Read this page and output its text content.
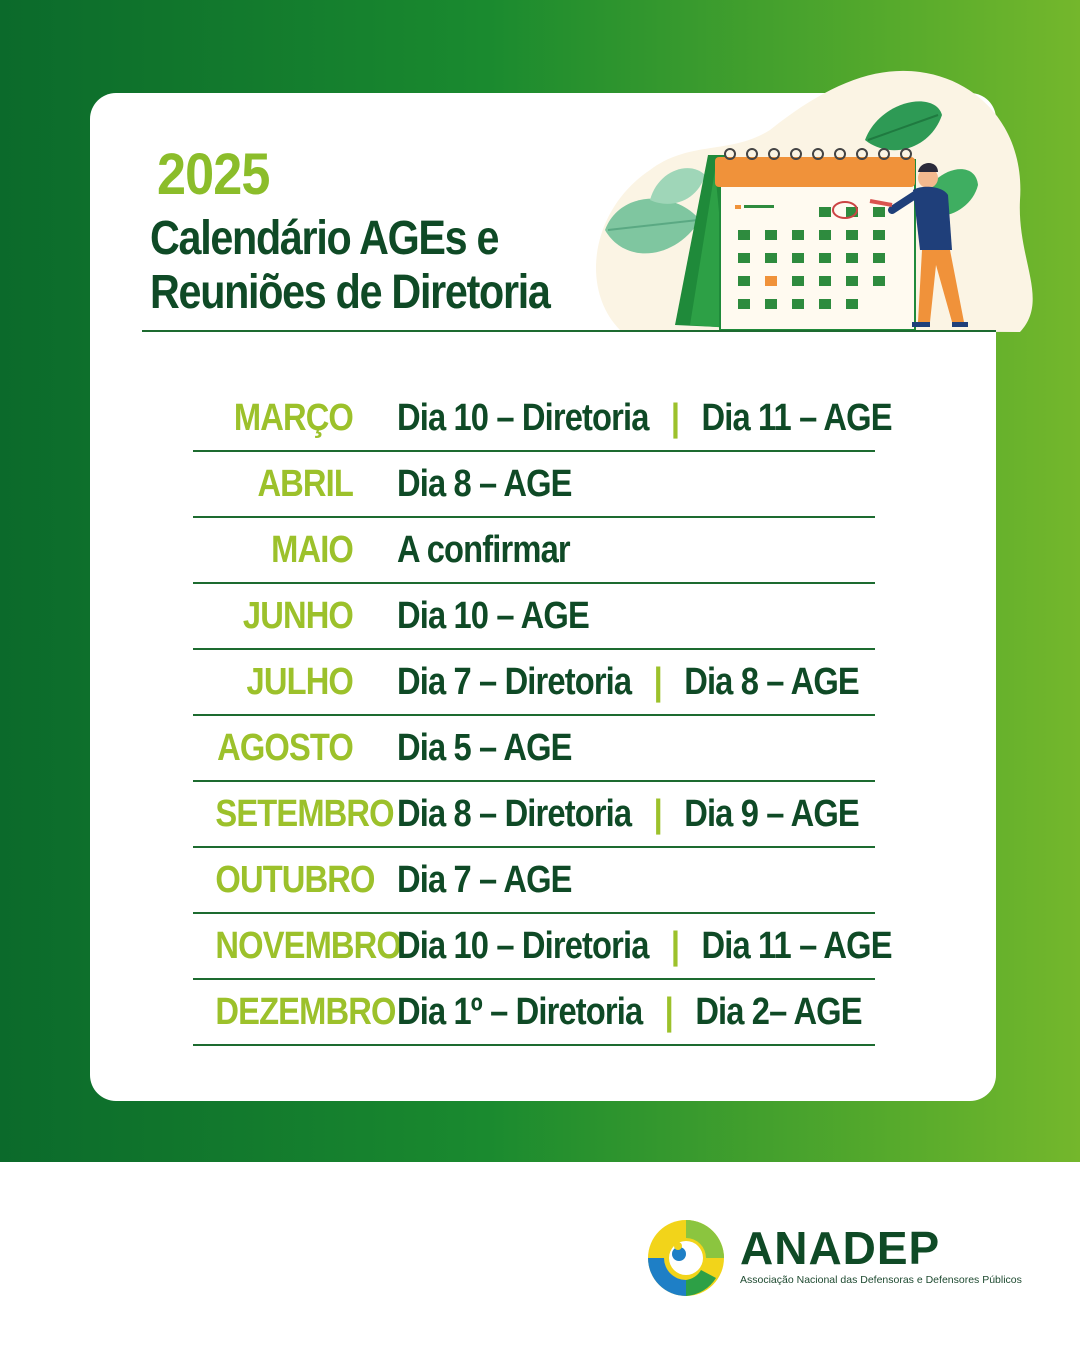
2025
Calendário AGEs e
Reuniões de Diretoria
MARÇO Dia 10 – Diretoria | Dia 11 – AGE
ABRIL Dia 8 – AGE
MAIO A confirmar
JUNHO Dia 10 – AGE
JULHO Dia 7 – Diretoria | Dia 8 – AGE
AGOSTO Dia 5 – AGE
SETEMBRO Dia 8 – Diretoria | Dia 9 – AGE
OUTUBRO Dia 7 – AGE
NOVEMBRO
Dia 10 – Diretoria | Dia 11 – AGE
DEZEMBRO Dia 1º – Diretoria | Dia 2– AGE
ANADEP
Associação Nacional das Defensoras e Defensores Públicos
